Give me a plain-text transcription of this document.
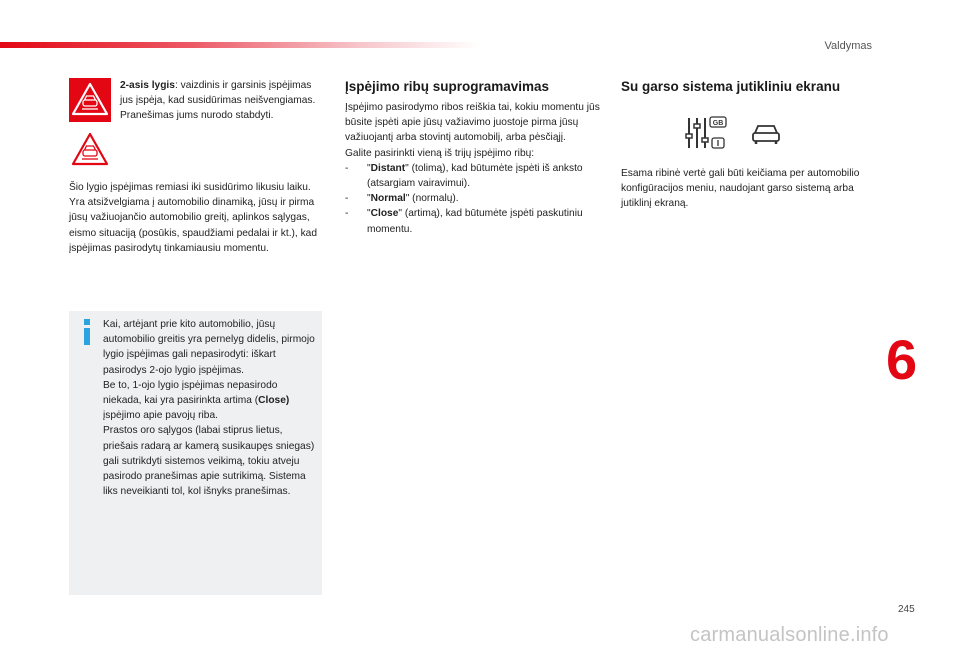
Valdymas
2-asis lygis: vaizdinis ir garsinis įspėjimas jus įspėja, kad susidūrimas neišvengiamas.
Pranešimas jums nurodo stabdyti.
Šio lygio įspėjimas remiasi iki susidūrimo likusiu laiku. Yra atsižvelgiama į automobilio dinamiką, jūsų ir pirma jūsų važiuojančio automobilio greitį, aplinkos sąlygas, eismo situaciją (posūkis, spaudžiami pedalai ir kt.), kad įspėjimas pasirodytų tinkamiausiu momentu.
Kai, artėjant prie kito automobilio, jūsų automobilio greitis yra pernelyg didelis, pirmojo lygio įspėjimas gali nepasirodyti: iškart pasirodys 2-ojo lygio įspėjimas.
Be to, 1-ojo lygio įspėjimas nepasirodo niekada, kai yra pasirinkta artima (Close) įspėjimo apie pavojų riba.
Prastos oro sąlygos (labai stiprus lietus, priešais radarą ar kamerą susikaupęs sniegas) gali sutrikdyti sistemos veikimą, tokiu atveju pasirodo pranešimas apie sutrikimą. Sistema liks neveikianti tol, kol išnyks pranešimas.
Įspėjimo ribų suprogramavimas
Įspėjimo pasirodymo ribos reiškia tai, kokiu momentu jūs būsite įspėti apie jūsų važiavimo juostoje pirma jūsų važiuojantį arba stovintį automobilį, arba pėsčiąjį.
Galite pasirinkti vieną iš trijų įspėjimo ribų:
-	"Distant" (tolimą), kad būtumėte įspėti iš anksto (atsargiam vairavimui).
-	"Normal" (normalų).
-	"Close" (artimą), kad būtumėte įspėti paskutiniu momentu.
Su garso sistema jutikliniu ekranu
GB
Esama ribinė vertė gali būti keičiama per automobilio konfigūracijos meniu, naudojant garso sistemą arba jutiklinį ekraną.
6
245
carmanualsonline.info
